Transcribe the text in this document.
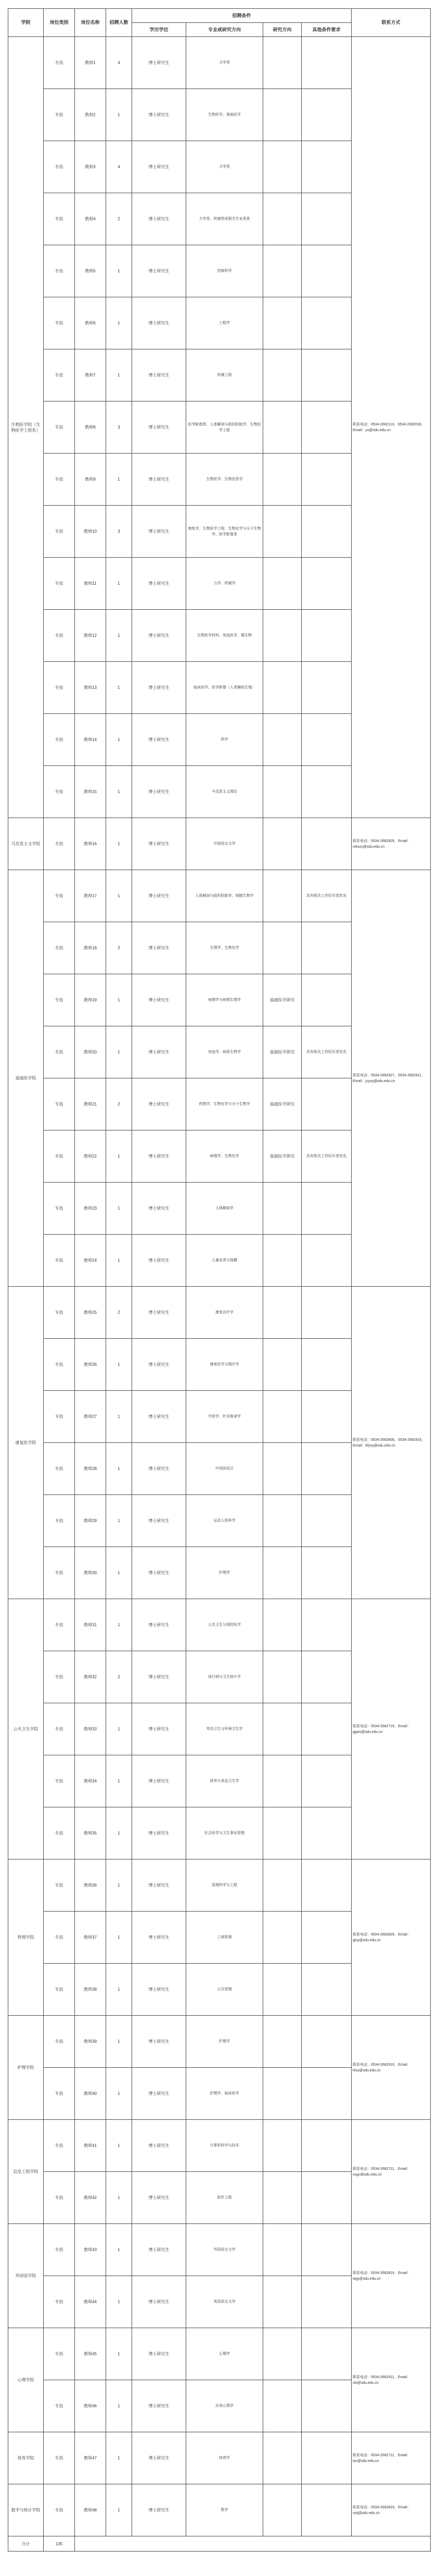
学院	岗位类别	岗位名称	招聘人数	招聘条件				联系方式
				学历学位	专业或研究方向	研究方向	其他条件要求	
生物医学院（生物医学工程系）	专技	教师1	4	博士研究生	力学类			联系电话：0534-2682113，0534-2682018，Email：yx@sdu.edu.cn
	专技	教师2	1	博士研究生	生物医学、基础医学			
	专技	教师3	4	博士研究生	力学类			
	专技	教师4	2	博士研究生	力学类、机械类或相关专业背景			
	专技	教师5	1	博士研究生	控制科学			
	专技	教师6	1	博士研究生	工程学			
	专技	教师7	1	博士研究生	机械工程			
	专技	教师8	3	博士研究生	医学影像类、人体解剖与组织胚胎学、生物医学工程			
	专技	教师9	1	博士研究生	生物医学、生物信息学			
	专技	教师10	3	博士研究生	康复学、生物医学工程、生物化学与分子生物学、医学影像类			
	专技	教师11	1	博士研究生	力学、机械学			
	专技	教师12	1	博士研究生	生物医学材料、免疫医学、微生物			
	专技	教师13	1	博士研究生	临床医学、医学影像（人类辅助生殖）			
	专技	教师14	1	博士研究生	药学			
	专技	教师15	1	博士研究生	马克思主义理论			
马克思主义学院	专技	教师16	1	博士研究生	中国语言文学			联系电话：0534-2682826，Email：mkszy@sdu.edu.cn
基础医学院	专技	教师17	1	博士研究生	人体解剖与组织胚胎学、细胞生物学		具有相关工作经历者优先	联系电话：0534-2682927，0534-2682911，Email：jcyxy@sdu.edu.cn
	专技	教师18	2	博士研究生	生理学、生物化学			
	专技	教师19	1	博士研究生	病理学与病理生理学	基础医学研究		
	专技	教师20	1	博士研究生	免疫学、病原生物学	基础医学研究	具有相关工作经历者优先	
	专技	教师21	2	博士研究生	药理学、生物化学与分子生物学	基础医学研究		
	专技	教师22	1	博士研究生	病理学、生物化学	基础医学研究	具有相关工作经历者优先	
	专技	教师23	1	博士研究生	人体解剖学			
	专技	教师24	1	博士研究生	儿童发育与保健			
康复医学院	专技	教师25	2	博士研究生	康复治疗学			联系电话：0534-2682806，0534-2682916，Email：kfyxy@sdu.edu.cn
	专技	教师26	1	博士研究生	康复医学与理疗学			
	专技	教师27	1	博士研究生	中医学、针灸推拿学			
	专技	教师28	1	博士研究生	中西医结合			
	专技	教师29	1	博士研究生	运动人体科学			
	专技	教师30	1	博士研究生	护理学			
公共卫生学院	专技	教师31	1	博士研究生	公共卫生与预防医学			联系电话：0534-2682716，Email：ggws@sdu.edu.cn
	专技	教师32	2	博士研究生	流行病与卫生统计学			
	专技	教师33	1	博士研究生	劳动卫生与环境卫生学			
	专技	教师34	1	博士研究生	营养与食品卫生学			
	专技	教师35	1	博士研究生	社会医学与卫生事业管理			
管理学院	专技	教师36	1	博士研究生	管理科学与工程			联系电话：0534-2682826，Email：glxy@sdu.edu.cn
	专技	教师37	1	博士研究生	工商管理			
	专技	教师38	1	博士研究生	公共管理			
护理学院	专技	教师39	1	博士研究生	护理学			联系电话：0534-2682916，Email：hlxy@sdu.edu.cn
	专技	教师40	1	博士研究生	护理学、临床医学			
信息工程学院	专技	教师41	1	博士研究生	计算机科学与技术			联系电话：0534-2682711，Email：xxgc@sdu.edu.cn
	专技	教师42	1	博士研究生	软件工程			
外国语学院	专技	教师43	1	博士研究生	外国语言文学			联系电话：0534-2682816，Email：wgy@sdu.edu.cn
	专技	教师44	1	博士研究生	英语语言文学			
心理学院	专技	教师45	1	博士研究生	心理学			联系电话：0534-2682911，Email：xlx@sdu.edu.cn
	专技	教师46	1	博士研究生	应用心理学			
体育学院	专技	教师47	1	博士研究生	体育学			联系电话：0534-2682711，Email：tyx@sdu.edu.cn
数学与统计学院	专技	教师48	1	博士研究生	数学			联系电话：0534-2682816，Email：sxtj@sdu.edu.cn
合计	135							
